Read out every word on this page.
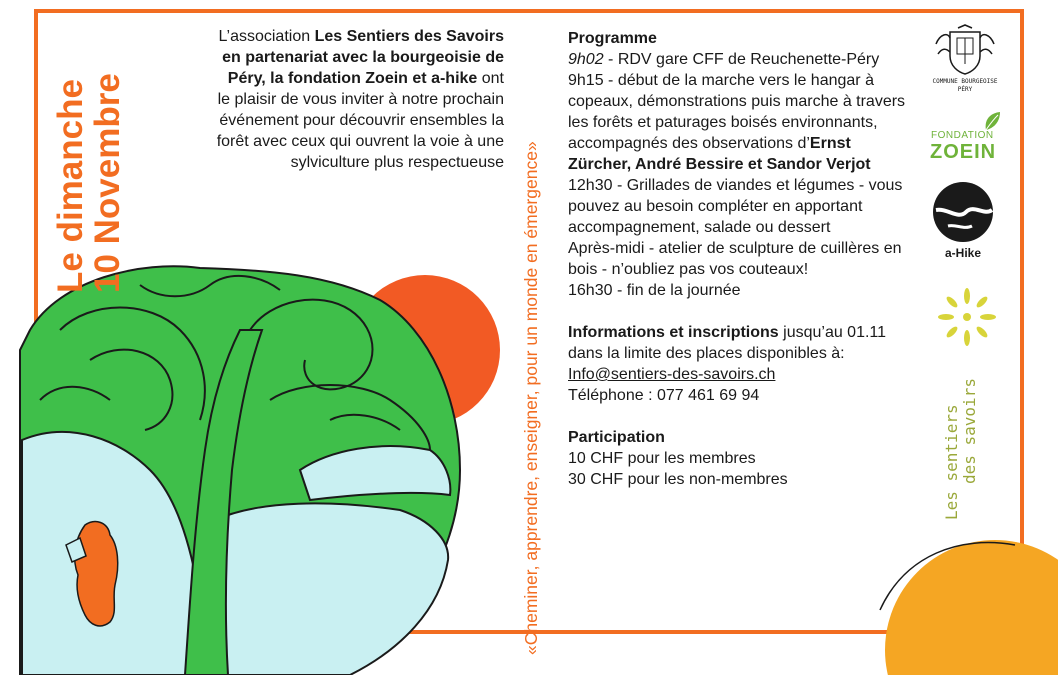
Le dimanche
10 Novembre	«Cheminer, apprendre, enseigner, pour un monde en émergence»
L’association Les Sentiers des Savoirs en partenariat avec la bourgeoisie de Péry, la fondation Zoein et a-hike ont le plaisir de vous inviter à notre prochain événement pour découvrir ensembles la forêt avec ceux qui ouvrent la voie à une sylviculture plus respectueuse

Programme

9h02 - RDV gare CFF de Reuchenette-Péry

9h15 - début de la marche vers le hangar à copeaux, démonstrations puis marche à travers les forêts et paturages boisés environnants, accompagnés des observations d’Ernst Zürcher, André Bessire et Sandor Verjot

12h30 - Grillades de viandes et légumes - vous pouvez au besoin compléter en apportant accompagnement, salade ou dessert

Après-midi - atelier de sculpture de cuillères en bois - n’oubliez pas vos couteaux!

16h30 - fin de la journée

Informations et inscriptions jusqu’au 01.11 dans la limite des places disponibles à:

Info@sentiers-des-savoirs.ch

Téléphone : 077 461 69 94

Participation

10 CHF pour les membres

30 CHF pour les non-membres

COMMUNE BOURGEOISE
PÉRY
FONDATION
ZOEIN
a-Hike
Les sentiers des savoirs
